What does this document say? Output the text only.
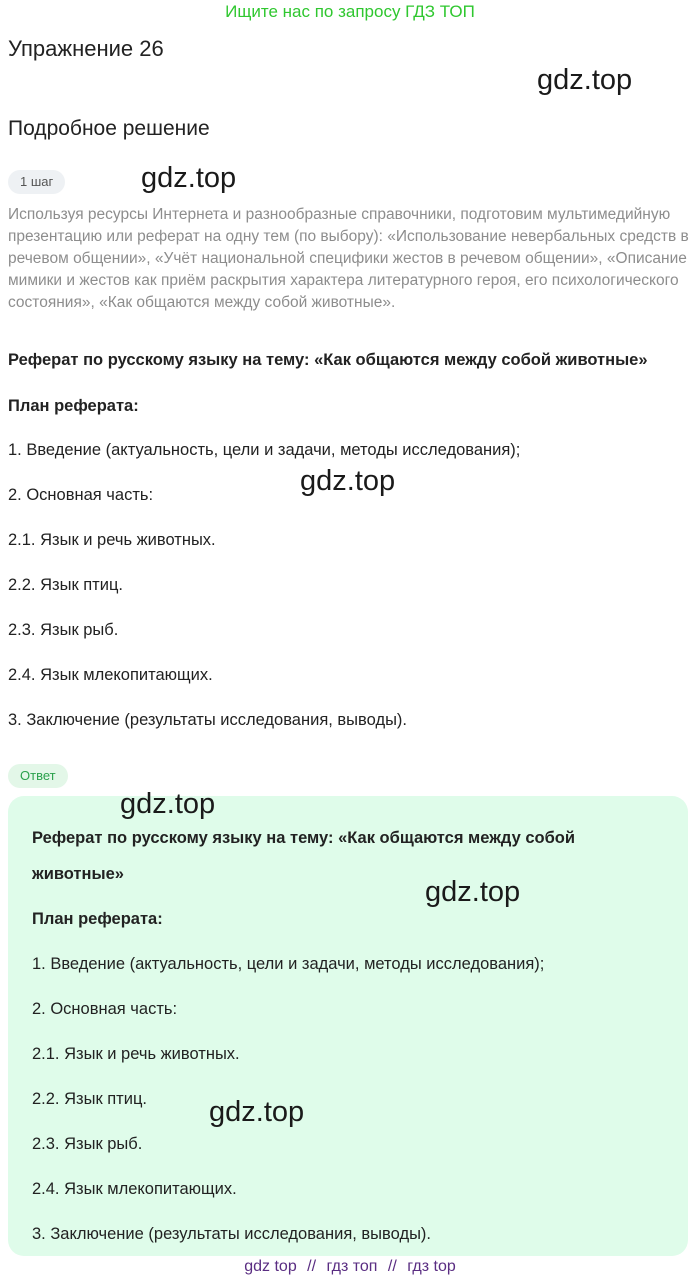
Ищите нас по запросу ГДЗ ТОП
Упражнение 26
gdz.top
Подробное решение
1 шаг	gdz.top
Используя ресурсы Интернета и разнообразные справочники, подготовим мультимедийную презентацию или реферат на одну тем (по выбору): «Использование невербальных средств в речевом общении», «Учёт национальной специфики жестов в речевом общении», «Описание мимики и жестов как приём раскрытия характера литературного героя, его психологического состояния», «Как общаются между собой животные».
Реферат по русскому языку на тему: «Как общаются между собой животные»
План реферата:
1. Введение (актуальность, цели и задачи, методы исследования);
2. Основная часть:	gdz.top
2.1. Язык и речь животных.
2.2. Язык птиц.
2.3. Язык рыб.
2.4. Язык млекопитающих.
3. Заключение (результаты исследования, выводы).
Ответ
gdz.top
Реферат по русскому языку на тему: «Как общаются между собой
животные»
gdz.top
План реферата:
1. Введение (актуальность, цели и задачи, методы исследования);
2. Основная часть:
2.1. Язык и речь животных.
2.2. Язык птиц. gdz.top
2.3. Язык рыб.
2.4. Язык млекопитающих.
3. Заключение (результаты исследования, выводы).
gdz top // гдз топ // гдз top
